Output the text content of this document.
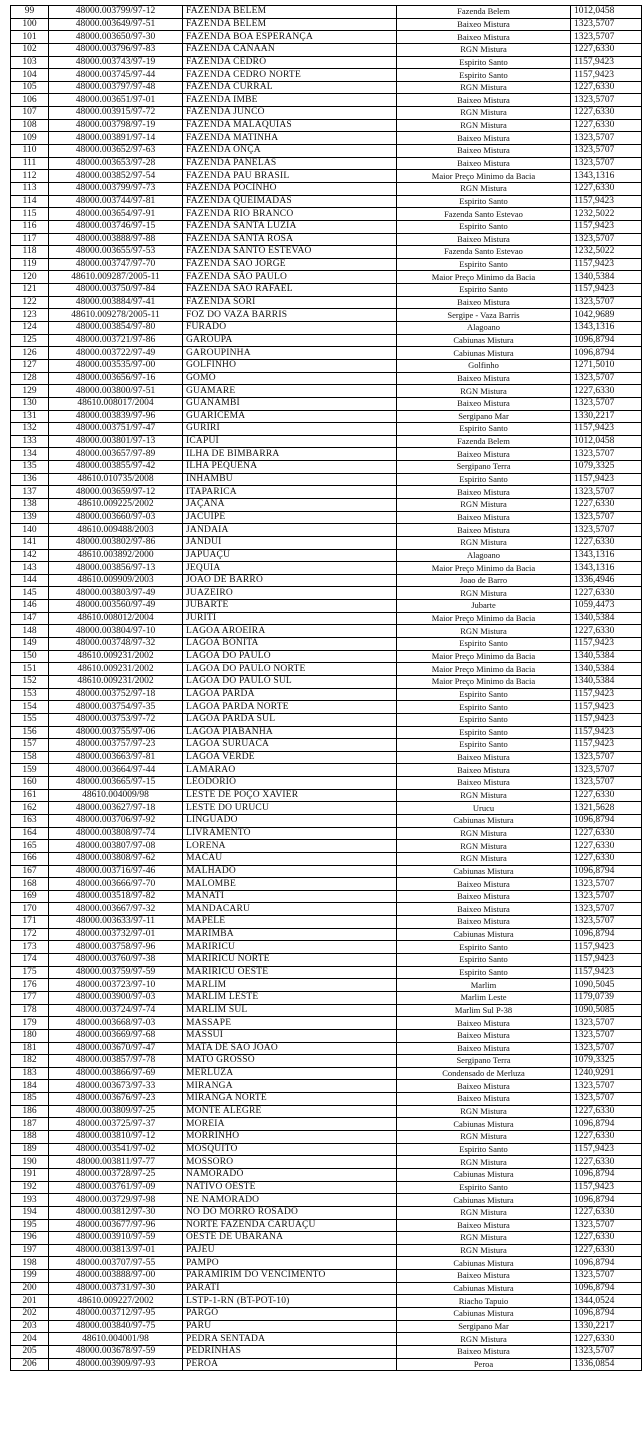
99	48000.003799/97-12	FAZENDA BELEM	Fazenda Belem	1012,0458
100	48000.003649/97-51	FAZENDA BELEM	Baixeo Mistura	1323,5707
101	48000.003650/97-30	FAZENDA BOA ESPERANÇA	Baixeo Mistura	1323,5707
102	48000.003796/97-83	FAZENDA CANAAN	RGN Mistura	1227,6330
103	48000.003743/97-19	FAZENDA CEDRO	Espirito Santo	1157,9423
104	48000.003745/97-44	FAZENDA CEDRO NORTE	Espirito Santo	1157,9423
105	48000.003797/97-48	FAZENDA CURRAL	RGN Mistura	1227,6330
106	48000.003651/97-01	FAZENDA IMBE	Baixeo Mistura	1323,5707
107	48000.003915/97-72	FAZENDA JUNCO	RGN Mistura	1227,6330
108	48000.003798/97-19	FAZENDA MALAQUIAS	RGN Mistura	1227,6330
109	48000.003891/97-14	FAZENDA MATINHA	Baixeo Mistura	1323,5707
110	48000.003652/97-63	FAZENDA ONÇA	Baixeo Mistura	1323,5707
111	48000.003653/97-28	FAZENDA PANELAS	Baixeo Mistura	1323,5707
112	48000.003852/97-54	FAZENDA PAU BRASIL	Maior Preço Minimo da Bacia	1343,1316
113	48000.003799/97-73	FAZENDA POCINHO	RGN Mistura	1227,6330
114	48000.003744/97-81	FAZENDA QUEIMADAS	Espirito Santo	1157,9423
115	48000.003654/97-91	FAZENDA RIO BRANCO	Fazenda Santo Estevao	1232,5022
116	48000.003746/97-15	FAZENDA SANTA LUZIA	Espirito Santo	1157,9423
117	48000.003888/97-88	FAZENDA SANTA ROSA	Baixeo Mistura	1323,5707
118	48000.003655/97-53	FAZENDA SANTO ESTEVAO	Fazenda Santo Estevao	1232,5022
119	48000.003747/97-70	FAZENDA SAO JORGE	Espirito Santo	1157,9423
120	48610.009287/2005-11	FAZENDA SÃO PAULO	Maior Preço Minimo da Bacia	1340,5384
121	48000.003750/97-84	FAZENDA SAO RAFAEL	Espirito Santo	1157,9423
122	48000.003884/97-41	FAZENDA SORI	Baixeo Mistura	1323,5707
123	48610.009278/2005-11	FOZ DO VAZA BARRIS	Sergipe - Vaza Barris	1042,9689
124	48000.003854/97-80	FURADO	Alagoano	1343,1316
125	48000.003721/97-86	GAROUPA	Cabiunas Mistura	1096,8794
126	48000.003722/97-49	GAROUPINHA	Cabiunas Mistura	1096,8794
127	48000.003535/97-00	GOLFINHO	Golfinho	1271,5010
128	48000.003656/97-16	GOMO	Baixeo Mistura	1323,5707
129	48000.003800/97-51	GUAMARE	RGN Mistura	1227,6330
130	48610.008017/2004	GUANAMBI	Baixeo Mistura	1323,5707
131	48000.003839/97-96	GUARICEMA	Sergipano Mar	1330,2217
132	48000.003751/97-47	GURIRI	Espirito Santo	1157,9423
133	48000.003801/97-13	ICAPUI	Fazenda Belem	1012,0458
134	48000.003657/97-89	ILHA DE BIMBARRA	Baixeo Mistura	1323,5707
135	48000.003855/97-42	ILHA PEQUENA	Sergipano Terra	1079,3325
136	48610.010735/2008	INHAMBU	Espirito Santo	1157,9423
137	48000.003659/97-12	ITAPARICA	Baixeo Mistura	1323,5707
138	48610.009225/2002	JAÇANA	RGN Mistura	1227,6330
139	48000.003660/97-03	JACUIPE	Baixeo Mistura	1323,5707
140	48610.009488/2003	JANDAIA	Baixeo Mistura	1323,5707
141	48000.003802/97-86	JANDUI	RGN Mistura	1227,6330
142	48610.003892/2000	JAPUAÇU	Alagoano	1343,1316
143	48000.003856/97-13	JEQUIA	Maior Preço Minimo da Bacia	1343,1316
144	48610.009909/2003	JOAO DE BARRO	Joao de Barro	1336,4946
145	48000.003803/97-49	JUAZEIRO	RGN Mistura	1227,6330
146	48000.003560/97-49	JUBARTE	Jubarte	1059,4473
147	48610.008012/2004	JURITI	Maior Preço Minimo da Bacia	1340,5384
148	48000.003804/97-10	LAGOA AROEIRA	RGN Mistura	1227,6330
149	48000.003748/97-32	LAGOA BONITA	Espirito Santo	1157,9423
150	48610.009231/2002	LAGOA DO PAULO	Maior Preço Minimo da Bacia	1340,5384
151	48610.009231/2002	LAGOA DO PAULO NORTE	Maior Preço Minimo da Bacia	1340,5384
152	48610.009231/2002	LAGOA DO PAULO SUL	Maior Preço Minimo da Bacia	1340,5384
153	48000.003752/97-18	LAGOA PARDA	Espirito Santo	1157,9423
154	48000.003754/97-35	LAGOA PARDA NORTE	Espirito Santo	1157,9423
155	48000.003753/97-72	LAGOA PARDA SUL	Espirito Santo	1157,9423
156	48000.003755/97-06	LAGOA PIABANHA	Espirito Santo	1157,9423
157	48000.003757/97-23	LAGOA SURUACA	Espirito Santo	1157,9423
158	48000.003663/97-81	LAGOA VERDE	Baixeo Mistura	1323,5707
159	48000.003664/97-44	LAMARAO	Baixeo Mistura	1323,5707
160	48000.003665/97-15	LEODORIO	Baixeo Mistura	1323,5707
161	48610.004009/98	LESTE DE POÇO XAVIER	RGN Mistura	1227,6330
162	48000.003627/97-18	LESTE DO URUCU	Urucu	1321,5628
163	48000.003706/97-92	LINGUADO	Cabiunas Mistura	1096,8794
164	48000.003808/97-74	LIVRAMENTO	RGN Mistura	1227,6330
165	48000.003807/97-08	LORENA	RGN Mistura	1227,6330
166	48000.003808/97-62	MACAU	RGN Mistura	1227,6330
167	48000.003716/97-46	MALHADO	Cabiunas Mistura	1096,8794
168	48000.003666/97-70	MALOMBE	Baixeo Mistura	1323,5707
169	48000.003518/97-82	MANATI	Baixeo Mistura	1323,5707
170	48000.003667/97-32	MANDACARU	Baixeo Mistura	1323,5707
171	48000.003633/97-11	MAPELE	Baixeo Mistura	1323,5707
172	48000.003732/97-01	MARIMBA	Cabiunas Mistura	1096,8794
173	48000.003758/97-96	MARIRICU	Espirito Santo	1157,9423
174	48000.003760/97-38	MARIRICU NORTE	Espirito Santo	1157,9423
175	48000.003759/97-59	MARIRICU OESTE	Espirito Santo	1157,9423
176	48000.003723/97-10	MARLIM	Marlim	1090,5045
177	48000.003900/97-03	MARLIM LESTE	Marlim Leste	1179,0739
178	48000.003724/97-74	MARLIM SUL	Marlim Sul P-38	1090,5085
179	48000.003668/97-03	MASSAPE	Baixeo Mistura	1323,5707
180	48000.003669/97-68	MASSUI	Baixeo Mistura	1323,5707
181	48000.003670/97-47	MATA DE SAO JOAO	Baixeo Mistura	1323,5707
182	48000.003857/97-78	MATO GROSSO	Sergipano Terra	1079,3325
183	48000.003866/97-69	MERLUZA	Condensado de Merluza	1240,9291
184	48000.003673/97-33	MIRANGA	Baixeo Mistura	1323,5707
185	48000.003676/97-23	MIRANGA NORTE	Baixeo Mistura	1323,5707
186	48000.003809/97-25	MONTE ALEGRE	RGN Mistura	1227,6330
187	48000.003725/97-37	MOREIA	Cabiunas Mistura	1096,8794
188	48000.003810/97-12	MORRINHO	RGN Mistura	1227,6330
189	48000.003541/97-02	MOSQUITO	Espirito Santo	1157,9423
190	48000.003811/97-77	MOSSORO	RGN Mistura	1227,6330
191	48000.003728/97-25	NAMORADO	Cabiunas Mistura	1096,8794
192	48000.003761/97-09	NATIVO OESTE	Espirito Santo	1157,9423
193	48000.003729/97-98	NE NAMORADO	Cabiunas Mistura	1096,8794
194	48000.003812/97-30	NO DO MORRO ROSADO	RGN Mistura	1227,6330
195	48000.003677/97-96	NORTE FAZENDA CARUAÇU	Baixeo Mistura	1323,5707
196	48000.003910/97-59	OESTE DE UBARANA	RGN Mistura	1227,6330
197	48000.003813/97-01	PAJEU	RGN Mistura	1227,6330
198	48000.003707/97-55	PAMPO	Cabiunas Mistura	1096,8794
199	48000.003888/97-00	PARAMIRIM DO VENCIMENTO	Baixeo Mistura	1323,5707
200	48000.003731/97-30	PARATI	Cabiunas Mistura	1096,8794
201	48610.009227/2002	LSTP-1-RN (BT-POT-10)	Riacho Tapuio	1344,0524
202	48000.003712/97-95	PARGO	Cabiunas Mistura	1096,8794
203	48000.003840/97-75	PARU	Sergipano Mar	1330,2217
204	48610.004001/98	PEDRA SENTADA	RGN Mistura	1227,6330
205	48000.003678/97-59	PEDRINHAS	Baixeo Mistura	1323,5707
206	48000.003909/97-93	PEROA	Peroa	1336,0854
